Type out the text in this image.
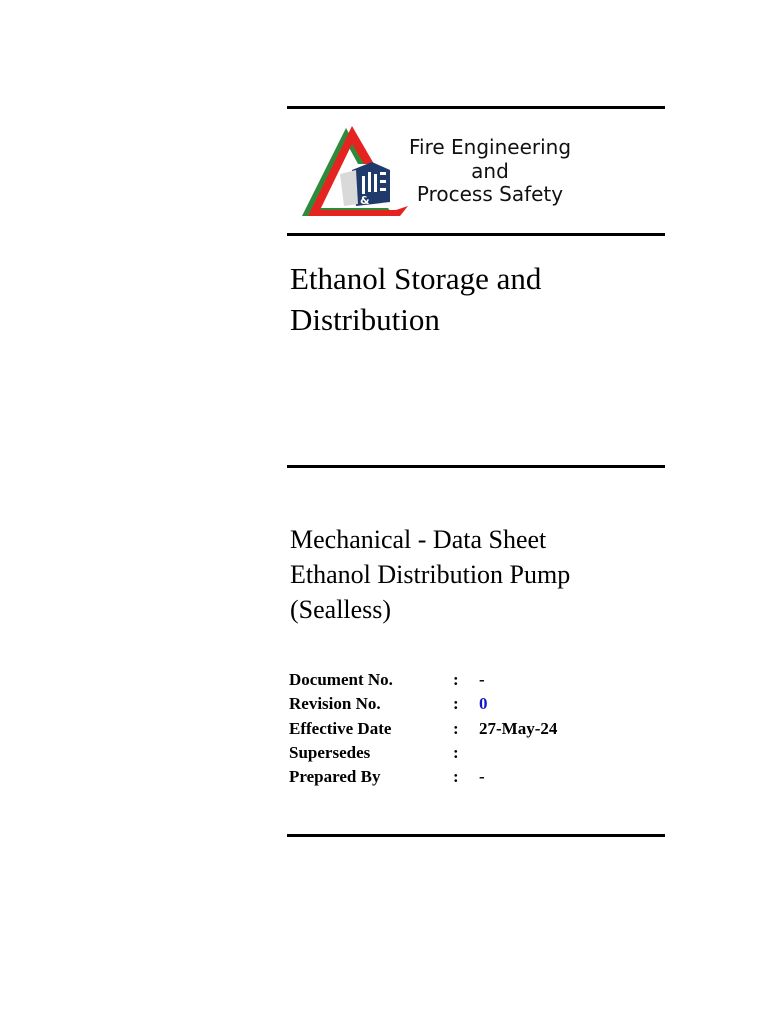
&
Fire Engineering
and
Process Safety
Ethanol Storage and
Distribution
Mechanical - Data Sheet
Ethanol Distribution Pump
(Sealless)
Document No.	: -
Revision No.	: 0
Effective Date	: 27-May-24
Supersedes	:
Prepared By	: -
